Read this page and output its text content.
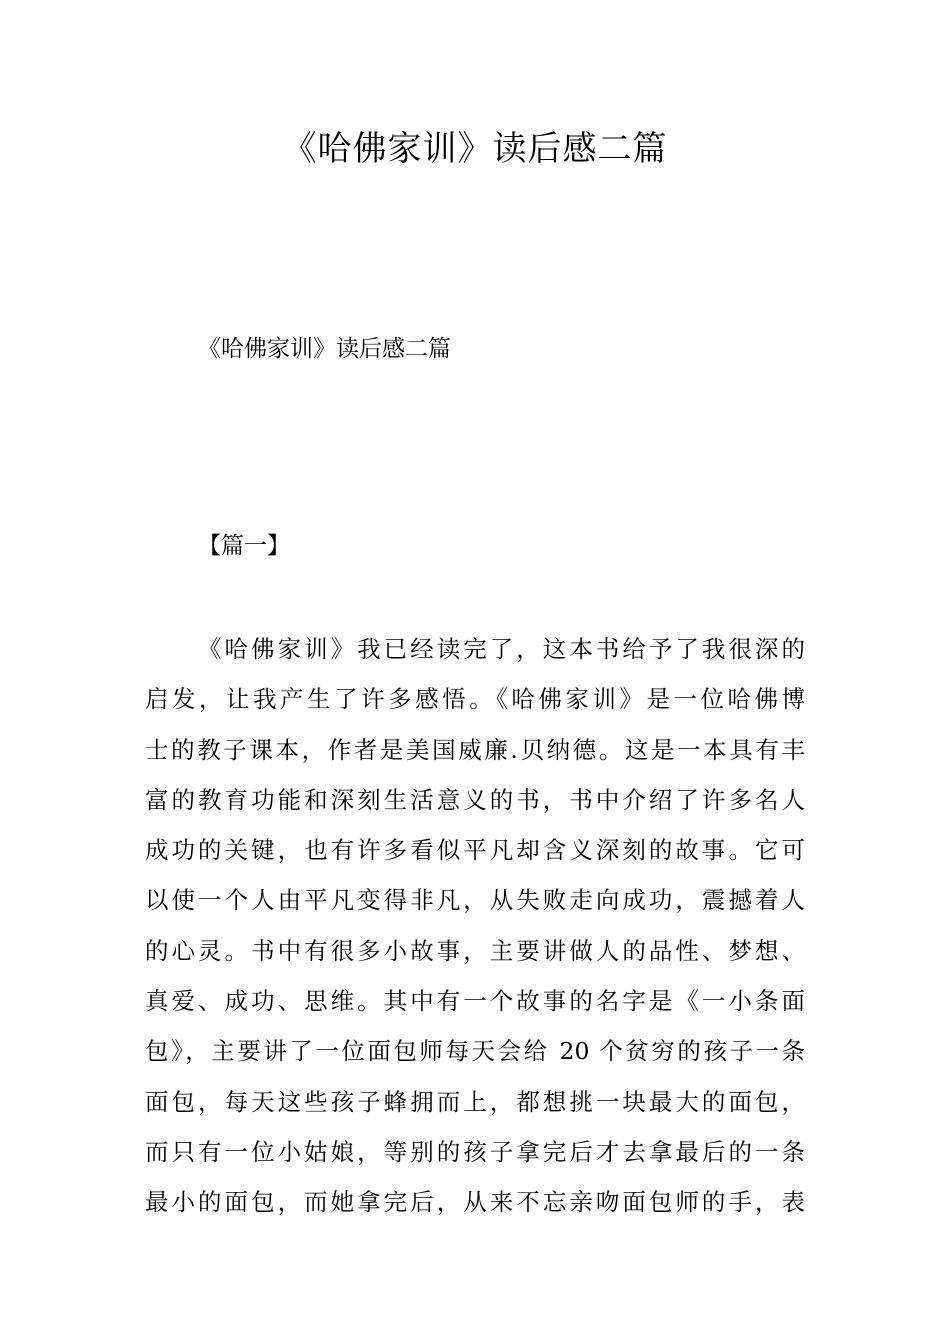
《哈佛家训》读后感二篇

《哈佛家训》读后感二篇

【篇一】

《哈佛家训》我已经读完了，这本书给予了我很深的
启发，让我产生了许多感悟。《哈佛家训》是一位哈佛博
士的教子课本，作者是美国威廉.贝纳德。这是一本具有丰
富的教育功能和深刻生活意义的书，书中介绍了许多名人
成功的关键，也有许多看似平凡却含义深刻的故事。它可
以使一个人由平凡变得非凡，从失败走向成功，震撼着人
的心灵。书中有很多小故事，主要讲做人的品性、梦想、
真爱、成功、思维。其中有一个故事的名字是《一小条面
包》，主要讲了一位面包师每天会给 20 个贫穷的孩子一条
面包，每天这些孩子蜂拥而上，都想挑一块最大的面包，
而只有一位小姑娘，等别的孩子拿完后才去拿最后的一条
最小的面包，而她拿完后，从来不忘亲吻面包师的手，表
